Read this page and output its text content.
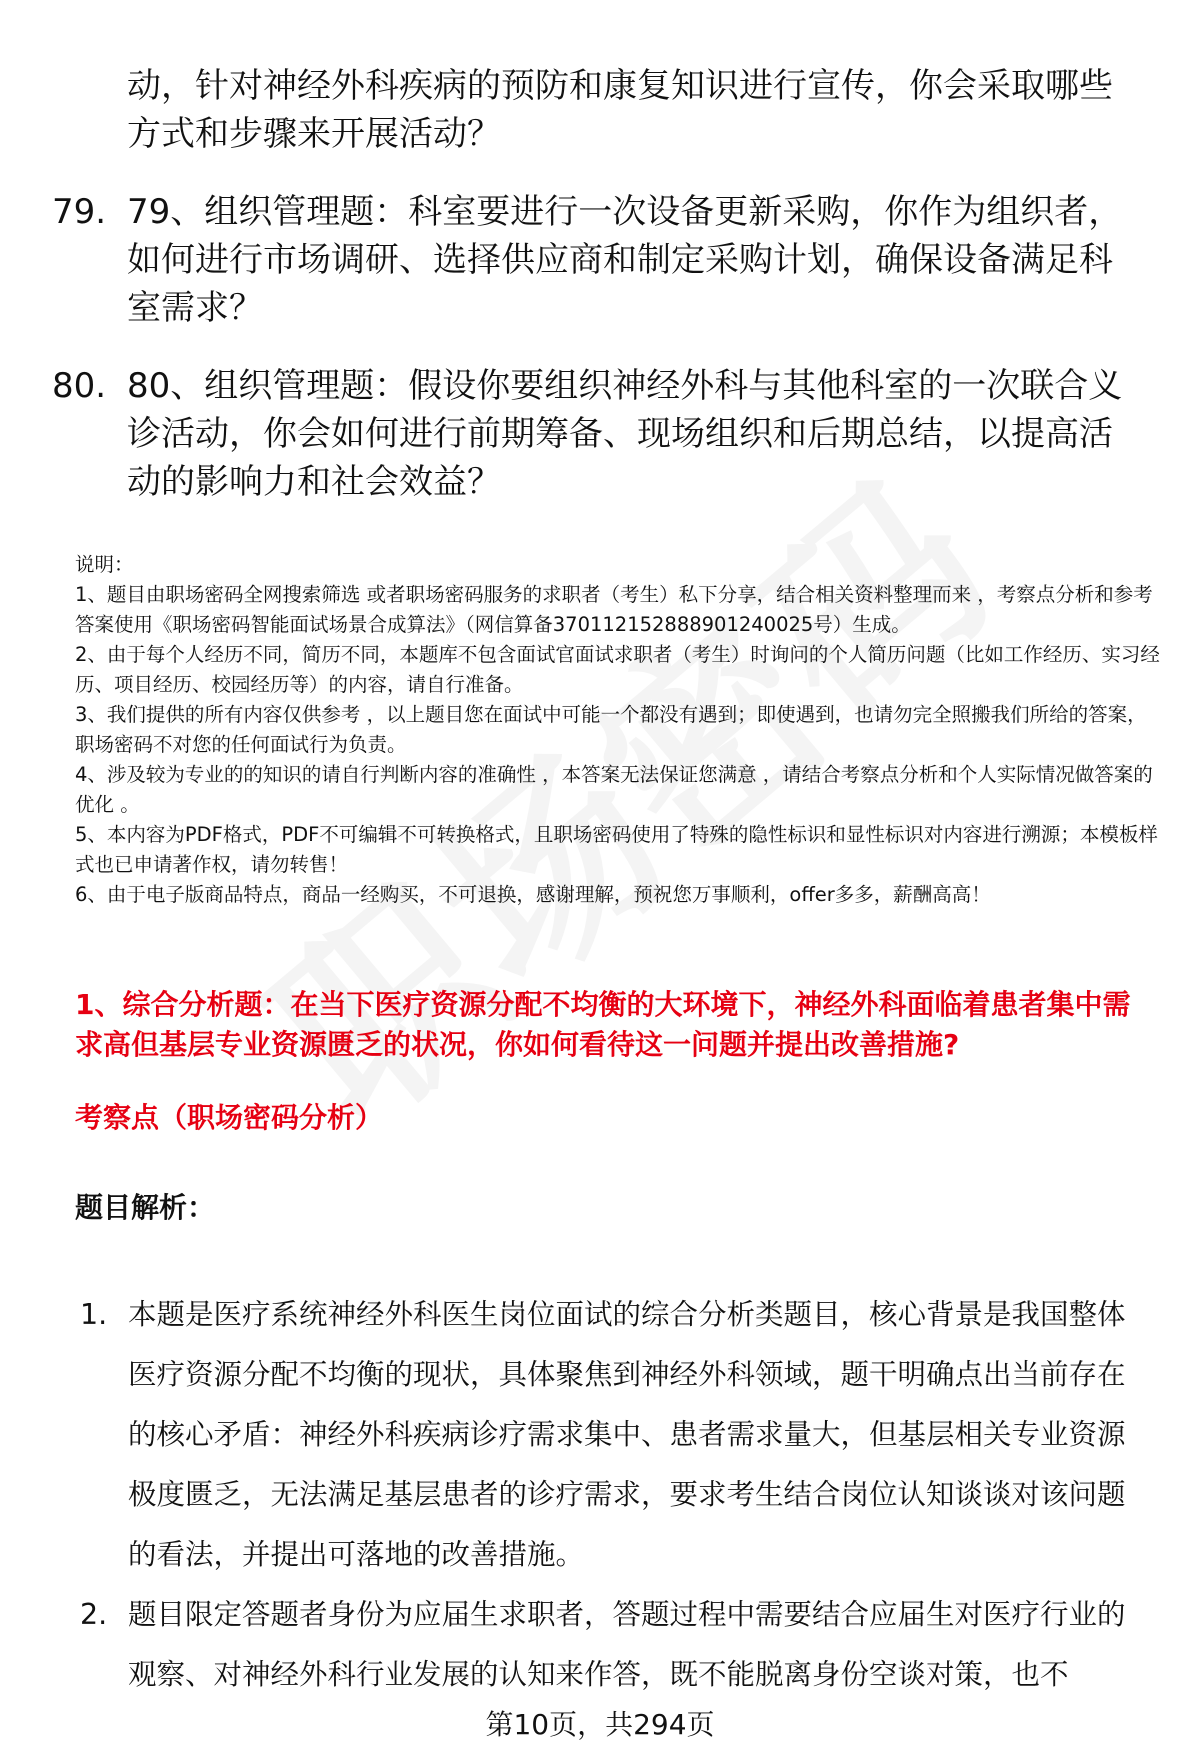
动，针对神经外科疾病的预防和康复知识进行宣传，你会采取哪些方式和步骤来开展活动？
79. 79、组织管理题：科室要进行一次设备更新采购，你作为组织者，如何进行市场调研、选择供应商和制定采购计划，确保设备满足科室需求？
80. 80、组织管理题：假设你要组织神经外科与其他科室的一次联合义诊活动，你会如何进行前期筹备、现场组织和后期总结，以提高活动的影响力和社会效益？

说明：

1、题目由职场密码全网搜索筛选 或者职场密码服务的求职者（考生）私下分享，结合相关资料整理而来 ，考察点分析和参考答案使用《职场密码智能面试场景合成算法》（网信算备370112152888901240025号）生成。

2、由于每个人经历不同，简历不同，本题库不包含面试官面试求职者（考生）时询问的个人简历问题（比如工作经历、实习经历、项目经历、校园经历等）的内容，请自行准备。

3、我们提供的所有内容仅供参考 ，以上题目您在面试中可能一个都没有遇到；即使遇到，也请勿完全照搬我们所给的答案，职场密码不对您的任何面试行为负责。

4、涉及较为专业的的知识的请自行判断内容的准确性 ，本答案无法保证您满意 ，请结合考察点分析和个人实际情况做答案的优化 。

5、本内容为PDF格式，PDF不可编辑不可转换格式，且职场密码使用了特殊的隐性标识和显性标识对内容进行溯源；本模板样式也已申请著作权，请勿转售！

6、由于电子版商品特点，商品一经购买，不可退换，感谢理解，预祝您万事顺利，offer多多，薪酬高高！

1、综合分析题：在当下医疗资源分配不均衡的大环境下，神经外科面临着患者集中需求高但基层专业资源匮乏的状况，你如何看待这一问题并提出改善措施?
考察点（职场密码分析）
题目解析：
1. 本题是医疗系统神经外科医生岗位面试的综合分析类题目，核心背景是我国整体医疗资源分配不均衡的现状，具体聚焦到神经外科领域，题干明确点出当前存在的核心矛盾：神经外科疾病诊疗需求集中、患者需求量大，但基层相关专业资源极度匮乏，无法满足基层患者的诊疗需求，要求考生结合岗位认知谈谈对该问题的看法，并提出可落地的改善措施。
2. 题目限定答题者身份为应届生求职者，答题过程中需要结合应届生对医疗行业的观察、对神经外科行业发展的认知来作答，既不能脱离身份空谈对策，也不
第10页，共294页
